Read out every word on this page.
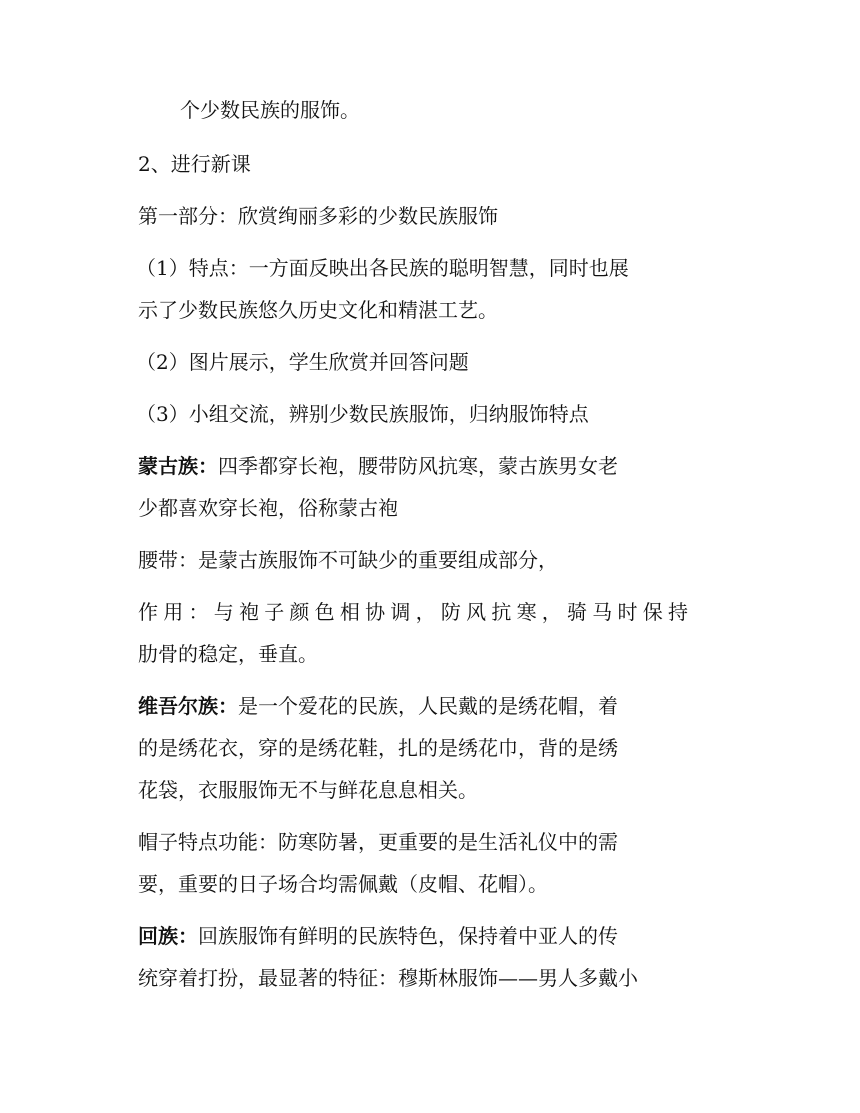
个少数民族的服饰。

2、进行新课

第一部分：欣赏绚丽多彩的少数民族服饰

（1）特点：一方面反映出各民族的聪明智慧，同时也展

示了少数民族悠久历史文化和精湛工艺。

（2）图片展示，学生欣赏并回答问题

（3）小组交流，辨别少数民族服饰，归纳服饰特点

蒙古族：四季都穿长袍，腰带防风抗寒，蒙古族男女老

少都喜欢穿长袍，俗称蒙古袍

腰带：是蒙古族服饰不可缺少的重要组成部分，

作用：与袍子颜色相协调，防风抗寒，骑马时保持

肋骨的稳定，垂直。

维吾尔族：是一个爱花的民族，人民戴的是绣花帽，着

的是绣花衣，穿的是绣花鞋，扎的是绣花巾，背的是绣

花袋，衣服服饰无不与鲜花息息相关。

帽子特点功能：防寒防暑，更重要的是生活礼仪中的需

要，重要的日子场合均需佩戴（皮帽、花帽）。

回族：回族服饰有鲜明的民族特色，保持着中亚人的传

统穿着打扮，最显著的特征：穆斯林服饰——男人多戴小
